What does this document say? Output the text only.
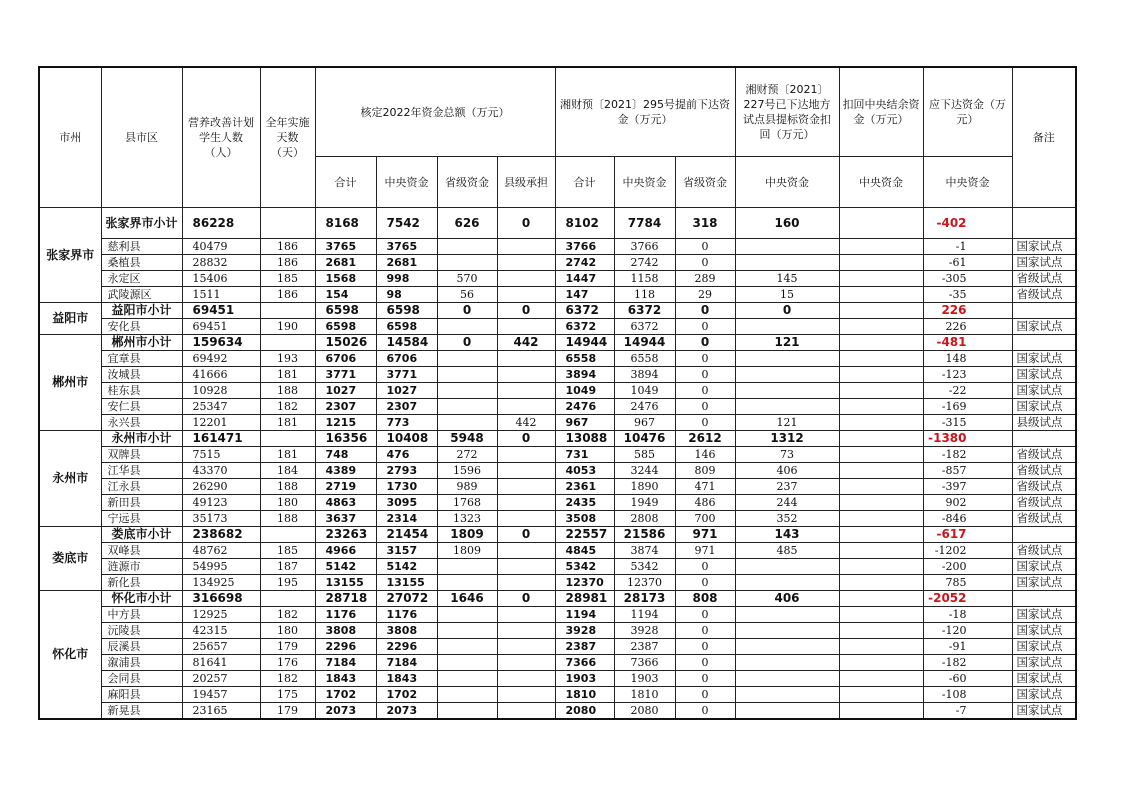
市州	县市区	营养改善计划学生人数（人）	全年实施天数（天）	核定2022年资金总额（万元）				湘财预〔2021〕295号提前下达资金（万元）			湘财预〔2021〕227号已下达地方试点县提标资金扣回（万元）	扣回中央结余资金（万元）	应下达资金（万元）	备注
				合计	中央资金	省级资金	县级承担	合计	中央资金	省级资金	中央资金	中央资金	中央资金	
张家界市	张家界市小计	86228		8168	7542	626	0	8102	7784	318	160		-402	
	慈利县	40479	186	3765	3765			3766	3766	0			-1	国家试点
	桑植县	28832	186	2681	2681			2742	2742	0			-61	国家试点
	永定区	15406	185	1568	998	570		1447	1158	289	145		-305	省级试点
	武陵源区	1511	186	154	98	56		147	118	29	15		-35	省级试点
益阳市	益阳市小计	69451		6598	6598	0	0	6372	6372	0	0		226	
	安化县	69451	190	6598	6598			6372	6372	0			226	国家试点
郴州市	郴州市小计	159634		15026	14584	0	442	14944	14944	0	121		-481	
	宜章县	69492	193	6706	6706			6558	6558	0			148	国家试点
	汝城县	41666	181	3771	3771			3894	3894	0			-123	国家试点
	桂东县	10928	188	1027	1027			1049	1049	0			-22	国家试点
	安仁县	25347	182	2307	2307			2476	2476	0			-169	国家试点
	永兴县	12201	181	1215	773		442	967	967	0	121		-315	县级试点
永州市	永州市小计	161471		16356	10408	5948	0	13088	10476	2612	1312		-1380	
	双牌县	7515	181	748	476	272		731	585	146	73		-182	省级试点
	江华县	43370	184	4389	2793	1596		4053	3244	809	406		-857	省级试点
	江永县	26290	188	2719	1730	989		2361	1890	471	237		-397	省级试点
	新田县	49123	180	4863	3095	1768		2435	1949	486	244		902	省级试点
	宁远县	35173	188	3637	2314	1323		3508	2808	700	352		-846	省级试点
娄底市	娄底市小计	238682		23263	21454	1809	0	22557	21586	971	143		-617	
	双峰县	48762	185	4966	3157	1809		4845	3874	971	485		-1202	省级试点
	涟源市	54995	187	5142	5142			5342	5342	0			-200	国家试点
	新化县	134925	195	13155	13155			12370	12370	0			785	国家试点
怀化市	怀化市小计	316698		28718	27072	1646	0	28981	28173	808	406		-2052	
	中方县	12925	182	1176	1176			1194	1194	0			-18	国家试点
	沅陵县	42315	180	3808	3808			3928	3928	0			-120	国家试点
	辰溪县	25657	179	2296	2296			2387	2387	0			-91	国家试点
	溆浦县	81641	176	7184	7184			7366	7366	0			-182	国家试点
	会同县	20257	182	1843	1843			1903	1903	0			-60	国家试点
	麻阳县	19457	175	1702	1702			1810	1810	0			-108	国家试点
	新晃县	23165	179	2073	2073			2080	2080	0			-7	国家试点
